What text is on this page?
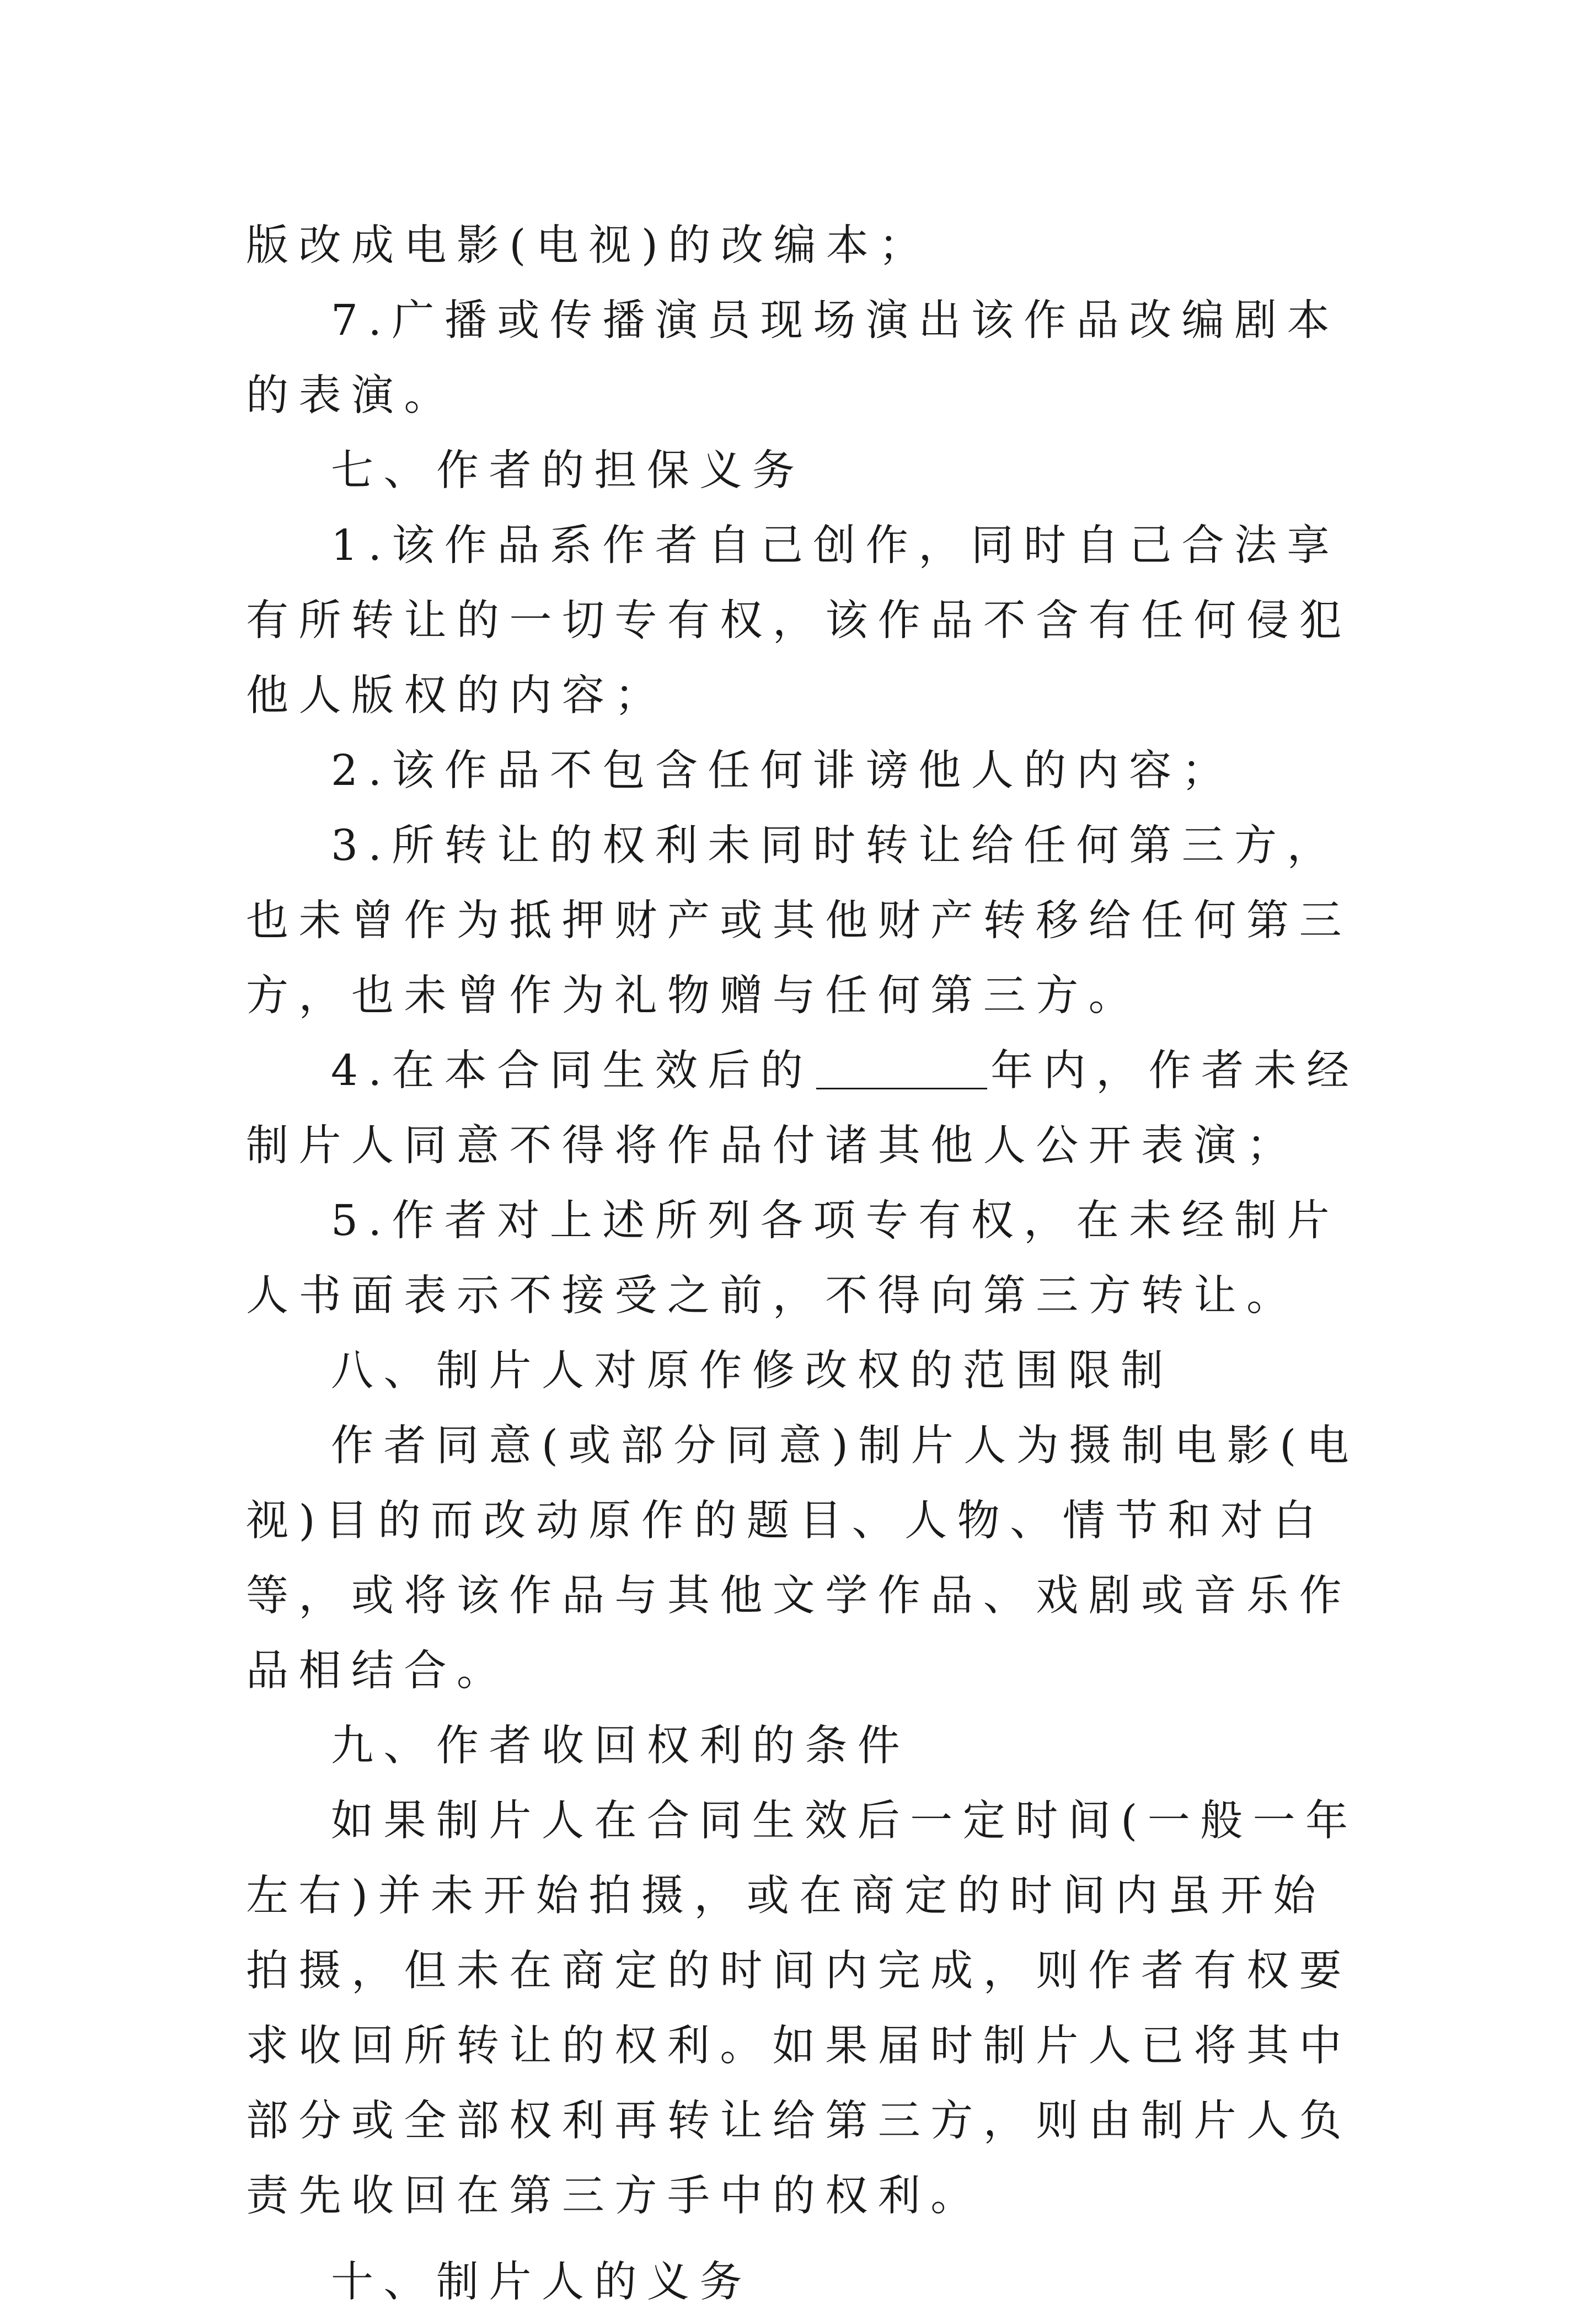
版改成电影(电视)的改编本；

7.广播或传播演员现场演出该作品改编剧本的表演。

七、作者的担保义务

1.该作品系作者自己创作，同时自己合法享有所转让的一切专有权，该作品不含有任何侵犯他人版权的内容；

2.该作品不包含任何诽谤他人的内容；

3.所转让的权利未同时转让给任何第三方，也未曾作为抵押财产或其他财产转移给任何第三方，也未曾作为礼物赠与任何第三方。

4.在本合同生效后的	年内，作者未经制片人同意不得将作品付诸其他人公开表演；

5.作者对上述所列各项专有权，在未经制片人书面表示不接受之前，不得向第三方转让。

八、制片人对原作修改权的范围限制

作者同意(或部分同意)制片人为摄制电影(电视)目的而改动原作的题目、人物、情节和对白等，或将该作品与其他文学作品、戏剧或音乐作品相结合。

九、作者收回权利的条件

如果制片人在合同生效后一定时间(一般一年左右)并未开始拍摄，或在商定的时间内虽开始拍摄，但未在商定的时间内完成，则作者有权要求收回所转让的权利。如果届时制片人已将其中部分或全部权利再转让给第三方，则由制片人负责先收回在第三方手中的权利。

十、制片人的义务
